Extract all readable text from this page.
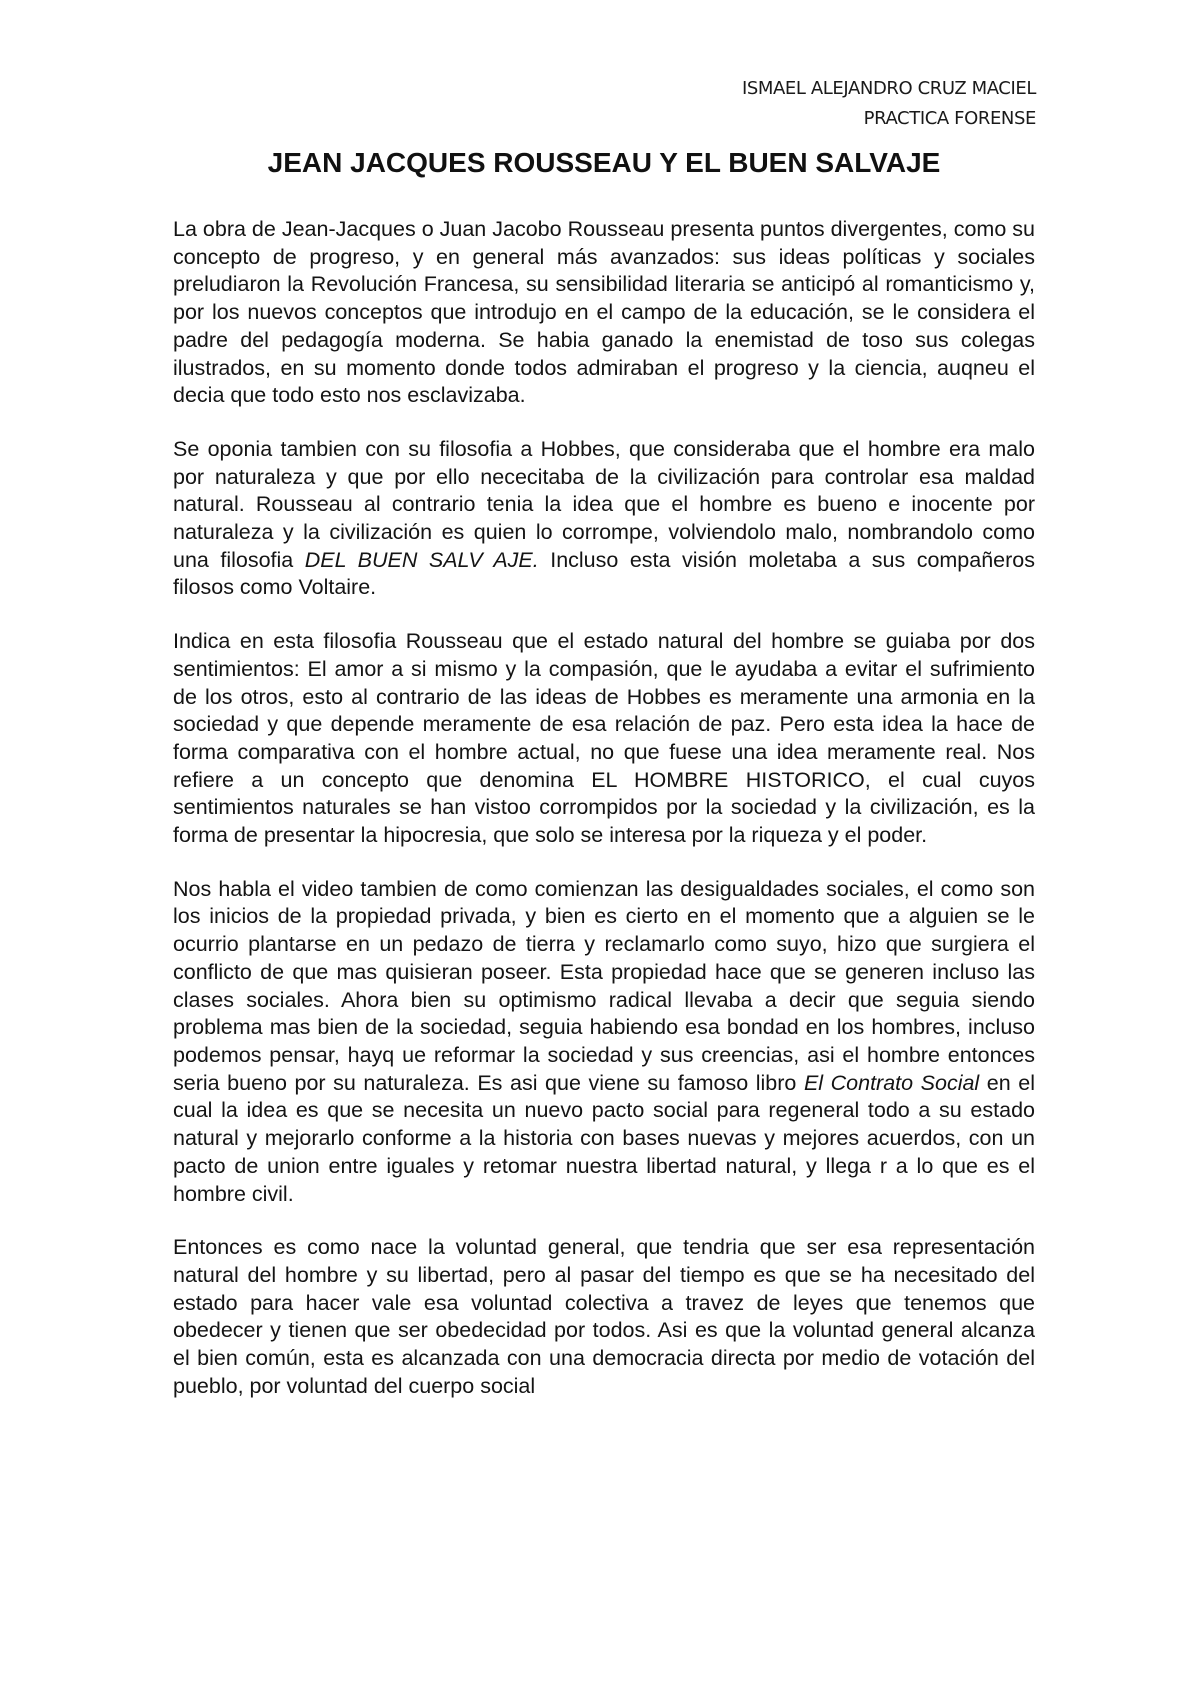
ISMAEL ALEJANDRO CRUZ MACIEL
PRACTICA FORENSE
JEAN JACQUES ROUSSEAU Y EL BUEN SALVAJE

La obra de Jean-Jacques o Juan Jacobo Rousseau presenta puntos divergentes, como su concepto de progreso, y en general más avanzados: sus ideas políticas y sociales preludiaron la Revolución Francesa, su sensibilidad literaria se anticipó al romanticismo y, por los nuevos conceptos que introdujo en el campo de la educación, se le considera el padre del pedagogía moderna. Se habia ganado la enemistad de toso sus colegas ilustrados, en su momento donde todos admiraban el progreso y la ciencia, auqneu el decia que todo esto nos esclavizaba.

Se oponia tambien con su filosofia a Hobbes, que consideraba que el hombre era malo por naturaleza y que por ello nececitaba de la civilización para controlar esa maldad natural. Rousseau al contrario tenia la idea que el hombre es bueno e inocente por naturaleza y la civilización es quien lo corrompe, volviendolo malo, nombrandolo como una filosofia DEL BUEN SALV AJE. Incluso esta visión moletaba a sus compañeros filosos como Voltaire.

Indica en esta filosofia Rousseau que el estado natural del hombre se guiaba por dos sentimientos: El amor a si mismo y la compasión, que le ayudaba a evitar el sufrimiento de los otros, esto al contrario de las ideas de Hobbes es meramente una armonia en la sociedad y que depende meramente de esa relación de paz. Pero esta idea la hace de forma comparativa con el hombre actual, no que fuese una idea meramente real. Nos refiere a un concepto que denomina EL HOMBRE HISTORICO, el cual cuyos sentimientos naturales se han vistoo corrompidos por la sociedad y la civilización, es la forma de presentar la hipocresia, que solo se interesa por la riqueza y el poder.

Nos habla el video tambien de como comienzan las desigualdades sociales, el como son los inicios de la propiedad privada, y bien es cierto en el momento que a alguien se le ocurrio plantarse en un pedazo de tierra y reclamarlo como suyo, hizo que surgiera el conflicto de que mas quisieran poseer. Esta propiedad hace que se generen incluso las clases sociales. Ahora bien su optimismo radical llevaba a decir que seguia siendo problema mas bien de la sociedad, seguia habiendo esa bondad en los hombres, incluso podemos pensar, hayq ue reformar la sociedad y sus creencias, asi el hombre entonces seria bueno por su naturaleza. Es asi que viene su famoso libro El Contrato Social en el cual la idea es que se necesita un nuevo pacto social para regeneral todo a su estado natural y mejorarlo conforme a la historia con bases nuevas y mejores acuerdos, con un pacto de union entre iguales y retomar nuestra libertad natural, y llega r a lo que es el hombre civil.

Entonces es como nace la voluntad general, que tendria que ser esa representación natural del hombre y su libertad, pero al pasar del tiempo es que se ha necesitado del estado para hacer vale esa voluntad colectiva a travez de leyes que tenemos que obedecer y tienen que ser obedecidad por todos. Asi es que la voluntad general alcanza el bien común, esta es alcanzada con una democracia directa por medio de votación del pueblo, por voluntad del cuerpo social
